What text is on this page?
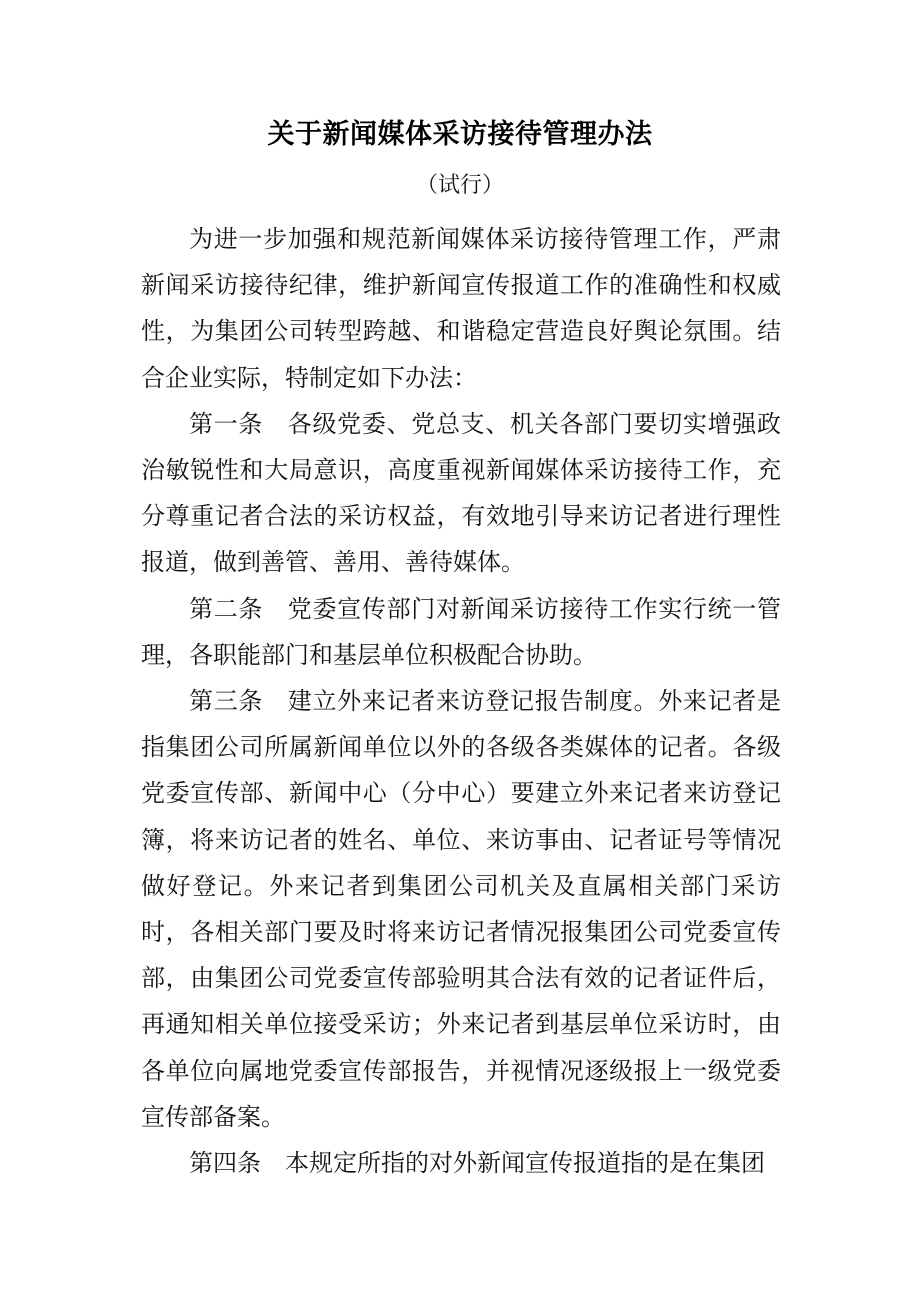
关于新闻媒体采访接待管理办法
（试行）

为进一步加强和规范新闻媒体采访接待管理工作，严肃新闻采访接待纪律，维护新闻宣传报道工作的准确性和权威性，为集团公司转型跨越、和谐稳定营造良好舆论氛围。结合企业实际，特制定如下办法：

第一条 各级党委、党总支、机关各部门要切实增强政治敏锐性和大局意识，高度重视新闻媒体采访接待工作，充分尊重记者合法的采访权益，有效地引导来访记者进行理性报道，做到善管、善用、善待媒体。

第二条 党委宣传部门对新闻采访接待工作实行统一管理，各职能部门和基层单位积极配合协助。

第三条 建立外来记者来访登记报告制度。外来记者是指集团公司所属新闻单位以外的各级各类媒体的记者。各级党委宣传部、新闻中心（分中心）要建立外来记者来访登记簿，将来访记者的姓名、单位、来访事由、记者证号等情况做好登记。外来记者到集团公司机关及直属相关部门采访时，各相关部门要及时将来访记者情况报集团公司党委宣传部，由集团公司党委宣传部验明其合法有效的记者证件后，再通知相关单位接受采访；外来记者到基层单位采访时，由各单位向属地党委宣传部报告，并视情况逐级报上一级党委宣传部备案。

第四条 本规定所指的对外新闻宣传报道指的是在集团
